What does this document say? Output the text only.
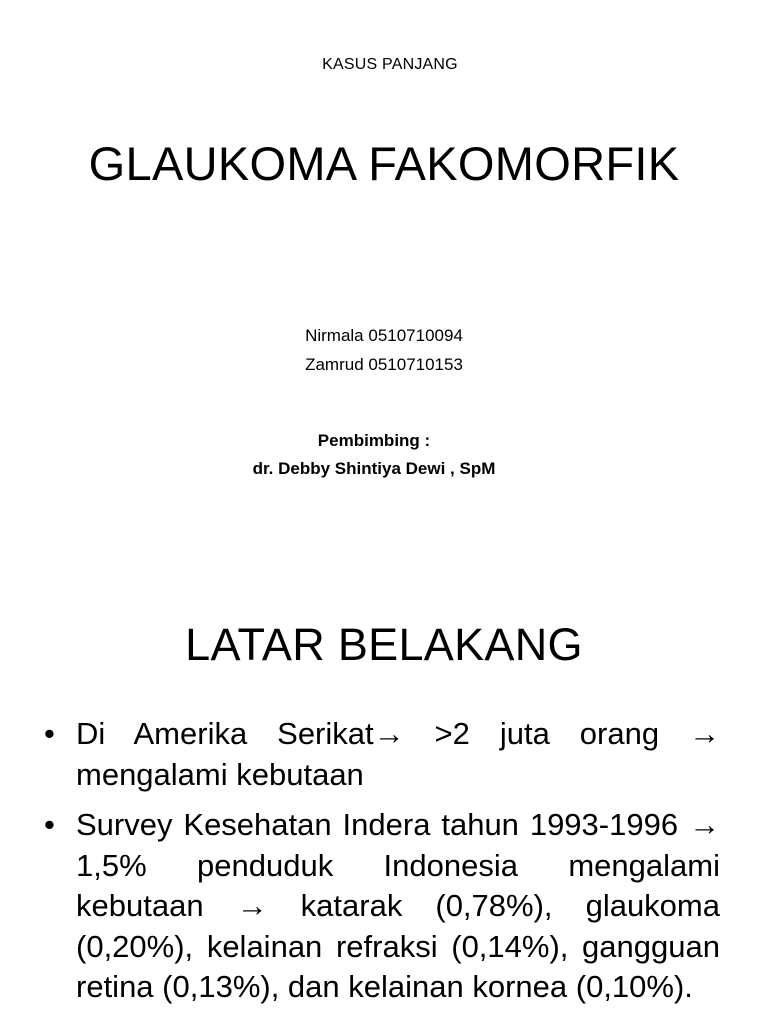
KASUS PANJANG
GLAUKOMA FAKOMORFIK
Nirmala 0510710094
Zamrud 0510710153
Pembimbing :
dr. Debby Shintiya Dewi , SpM
LATAR BELAKANG
• Di Amerika Serikat→ >2 juta orang → mengalami kebutaan
• Survey Kesehatan Indera tahun 1993-1996 → 1,5% penduduk Indonesia mengalami kebutaan → katarak (0,78%), glaukoma (0,20%), kelainan refraksi (0,14%), gangguan retina (0,13%), dan kelainan kornea (0,10%).
